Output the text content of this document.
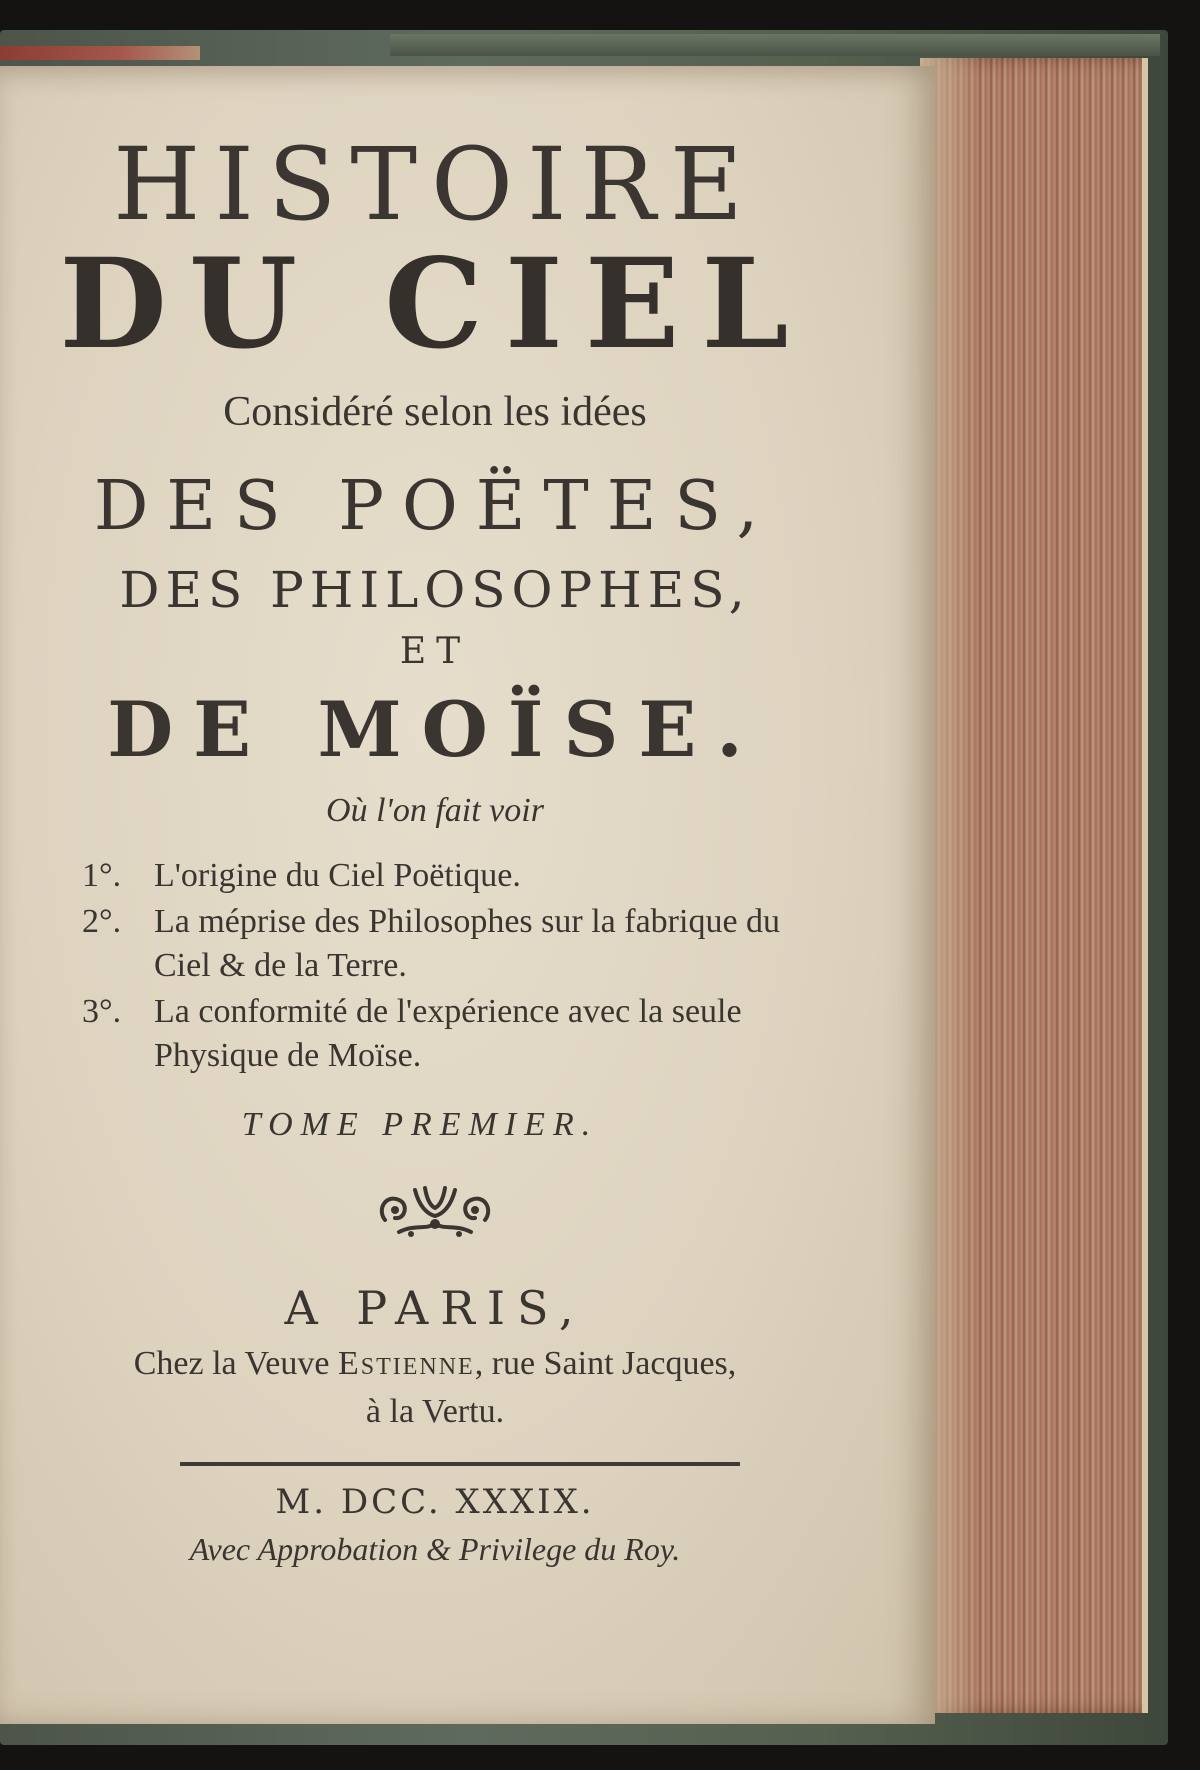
HISTOIRE
DU CIEL
Considéré selon les idées
DES POËTES,
DES PHILOSOPHES,
ET
DE MOÏSE.
Où l'on fait voir
1°. L'origine du Ciel Poëtique.
2°. La méprise des Philosophes sur la fabrique du Ciel & de la Terre.
3°. La conformité de l'expérience avec la seule Physique de Moïse.
TOME PREMIER.
A PARIS,
Chez la Veuve Estienne, rue Saint Jacques,
à la Vertu.
M. DCC. XXXIX.
Avec Approbation & Privilege du Roy.
